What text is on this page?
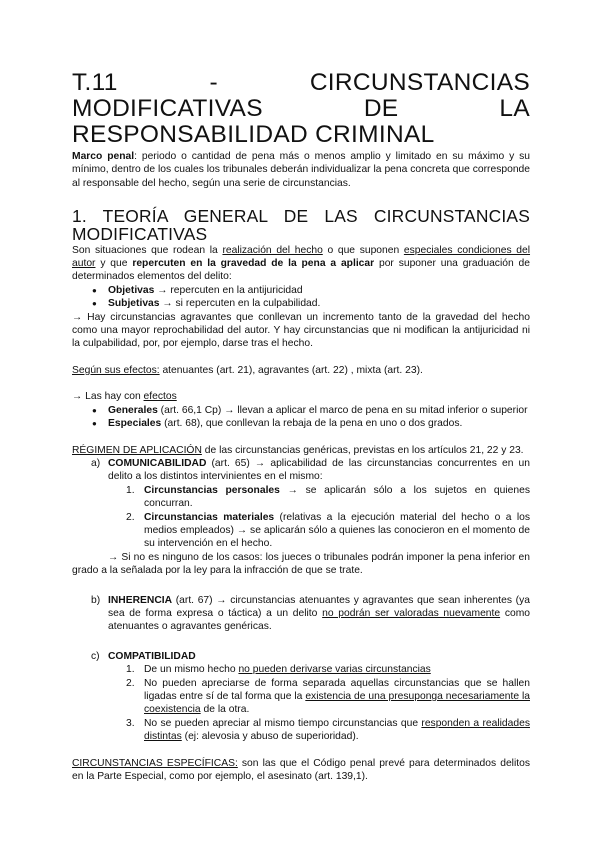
T.11 - CIRCUNSTANCIAS MODIFICATIVAS DE LA RESPONSABILIDAD CRIMINAL

Marco penal: periodo o cantidad de pena más o menos amplio y limitado en su máximo y su mínimo, dentro de los cuales los tribunales deberán individualizar la pena concreta que corresponde al responsable del hecho, según una serie de circunstancias.

1. TEORÍA GENERAL DE LAS CIRCUNSTANCIAS MODIFICATIVAS

Son situaciones que rodean la realización del hecho o que suponen especiales condiciones del autor y que repercuten en la gravedad de la pena a aplicar por suponer una graduación de determinados elementos del delito:

● Objetivas → repercuten en la antijuricidad
● Subjetivas → si repercuten en la culpabilidad.

→ Hay circunstancias agravantes que conllevan un incremento tanto de la gravedad del hecho como una mayor reprochabilidad del autor. Y hay circunstancias que ni modifican la antijuricidad ni la culpabilidad, por, por ejemplo, darse tras el hecho.

Según sus efectos: atenuantes (art. 21), agravantes (art. 22) , mixta (art. 23).

→ Las hay con efectos

● Generales (art. 66,1 Cp) → llevan a aplicar el marco de pena en su mitad inferior o superior
● Especiales (art. 68), que conllevan la rebaja de la pena en uno o dos grados.

RÉGIMEN DE APLICACIÓN de las circunstancias genéricas, previstas en los artículos 21, 22 y 23.

a) COMUNICABILIDAD (art. 65) → aplicabilidad de las circunstancias concurrentes en un delito a los distintos intervinientes en el mismo:

1. Circunstancias personales → se aplicarán sólo a los sujetos en quienes concurran.
2. Circunstancias materiales (relativas a la ejecución material del hecho o a los medios empleados) → se aplicarán sólo a quienes las conocieron en el momento de su intervención en el hecho.

→ Si no es ninguno de los casos: los jueces o tribunales podrán imponer la pena inferior en grado a la señalada por la ley para la infracción de que se trate.

b) INHERENCIA (art. 67) → circunstancias atenuantes y agravantes que sean inherentes (ya sea de forma expresa o táctica) a un delito no podrán ser valoradas nuevamente como atenuantes o agravantes genéricas.

c) COMPATIBILIDAD

1. De un mismo hecho no pueden derivarse varias circunstancias
2. No pueden apreciarse de forma separada aquellas circunstancias que se hallen ligadas entre sí de tal forma que la existencia de una presuponga necesariamente la coexistencia de la otra.
3. No se pueden apreciar al mismo tiempo circunstancias que responden a realidades distintas (ej: alevosia y abuso de superioridad).

CIRCUNSTANCIAS ESPECÍFICAS: son las que el Código penal prevé para determinados delitos en la Parte Especial, como por ejemplo, el asesinato (art. 139,1).
